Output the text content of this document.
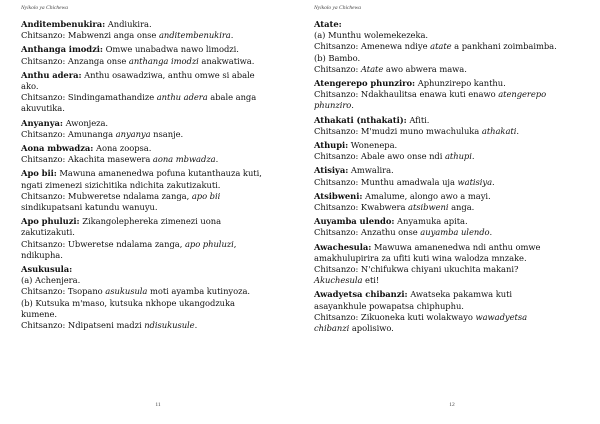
Nyikolo ya Chichewa
Anditembenukira: Andiukira.
Chitsanzo: Mabwenzi anga onse anditembenukira.
Anthanga imodzi: Omwe unabadwa nawo limodzi.
Chitsanzo: Anzanga onse anthanga imodzi anakwatiwa.
Anthu adera: Anthu osawadziwa, anthu omwe si abale
ako.
Chitsanzo: Sindingamathandize anthu adera abale anga
akuvutika.
Anyanya: Awonjeza.
Chitsanzo: Amunanga anyanya nsanje.
Aona mbwadza: Aona zoopsa.
Chitsanzo: Akachita masewera aona mbwadza.
Apo bii: Mawuna amanenedwa pofuna kutanthauza kuti,
ngati zimenezi sizichitika ndichita zakutizakuti.
Chitsanzo: Mubweretse ndalama zanga, apo bii
sindikupatsani katundu wanuyu.
Apo phuluzi: Zikangolephereka zimenezi uona
zakutizakuti.
Chitsanzo: Ubweretse ndalama zanga, apo phuluzi,
ndikupha.
Asukusula:
(a) Achenjera.
Chitsanzo: Tsopano asukusula moti ayamba kutinyoza.
(b) Kutsuka m'maso, kutsuka nkhope ukangodzuka
kumene.
Chitsanzo: Ndipatseni madzi ndisukusule.
11
Nyikolo ya Chichewa
Atate:
(a) Munthu wolemekezeka.
Chitsanzo: Amenewa ndiye atate a pankhani zoimbaimba.
(b) Bambo.
Chitsanzo: Atate awo abwera mawa.
Atengerepo phunziro: Aphunzirepo kanthu.
Chitsanzo: Ndakhaulitsa enawa kuti enawo atengerepo
phunziro.
Athakati (nthakati): Afiti.
Chitsanzo: M'mudzi muno mwachuluka athakati.
Athupi: Wonenepa.
Chitsanzo: Abale awo onse ndi athupi.
Atisiya: Amwalira.
Chitsanzo: Munthu amadwala uja watisiya.
Atsibweni: Amalume, alongo awo a mayi.
Chitsanzo: Kwabwera atsibweni anga.
Auyamba ulendo: Anyamuka apita.
Chitsanzo: Anzathu onse auyamba ulendo.
Awachesula: Mawuwa amanenedwa ndi anthu omwe
amakhulupirira za ufiti kuti wina walodza mnzake.
Chitsanzo: N'chifukwa chiyani ukuchita makani?
Akuchesula eti!
Awadyetsa chibanzi: Awatseka pakamwa kuti
asayankhule powapatsa chiphuphu.
Chitsanzo: Zikuoneka kuti wolakwayo wawadyetsa
chibanzi apolisiwo.
12
